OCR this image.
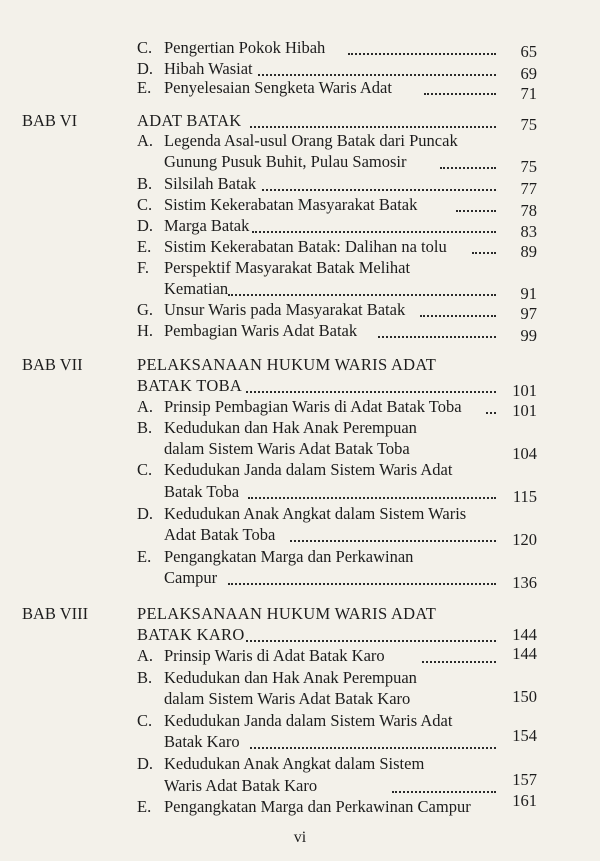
C. Pengertian Pokok Hibah	65
D. Hibah Wasiat	69
E. Penyelesaian Sengketa Waris Adat	71
BAB VI	ADAT BATAK	75
A. Legenda Asal-usul Orang Batak dari Puncak
Gunung Pusuk Buhit, Pulau Samosir	75
B. Silsilah Batak	77
C. Sistim Kekerabatan Masyarakat Batak	78
D. Marga Batak	83
E. Sistim Kekerabatan Batak: Dalihan na tolu	89
F. Perspektif Masyarakat Batak Melihat
Kematian	91
G. Unsur Waris pada Masyarakat Batak	97
H. Pembagian Waris Adat Batak	99
BAB VII	PELAKSANAAN HUKUM WARIS ADAT
BATAK TOBA	101
A. Prinsip Pembagian Waris di Adat Batak Toba	101
B. Kedudukan dan Hak Anak Perempuan
dalam Sistem Waris Adat Batak Toba	104
C. Kedudukan Janda dalam Sistem Waris Adat
Batak Toba	115
D. Kedudukan Anak Angkat dalam Sistem Waris
Adat Batak Toba	120
E. Pengangkatan Marga dan Perkawinan
Campur	136
BAB VIII	PELAKSANAAN HUKUM WARIS ADAT
BATAK KARO	144
A. Prinsip Waris di Adat Batak Karo	144
B. Kedudukan dan Hak Anak Perempuan
dalam Sistem Waris Adat Batak Karo	150
C. Kedudukan Janda dalam Sistem Waris Adat
Batak Karo	154
D. Kedudukan Anak Angkat dalam Sistem
Waris Adat Batak Karo	157
E. Pengangkatan Marga dan Perkawinan Campur	161
vi
